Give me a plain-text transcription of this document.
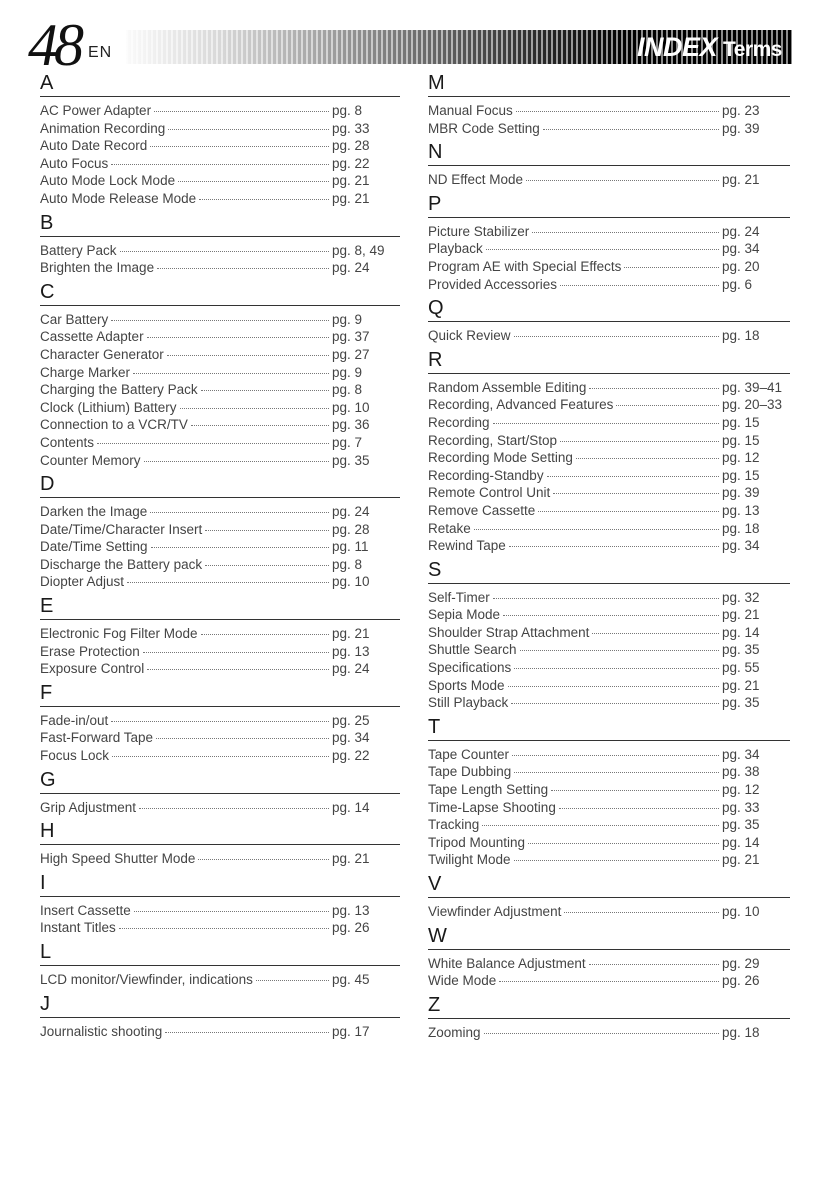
48 EN	INDEX Terms
A
AC Power Adapter	pg. 8
Animation Recording	pg. 33
Auto Date Record	pg. 28
Auto Focus	pg. 22
Auto Mode Lock Mode	pg. 21
Auto Mode Release Mode	pg. 21
B
Battery Pack	pg. 8, 49
Brighten the Image	pg. 24
C
Car Battery	pg. 9
Cassette Adapter	pg. 37
Character Generator	pg. 27
Charge Marker	pg. 9
Charging the Battery Pack	pg. 8
Clock (Lithium) Battery	pg. 10
Connection to a VCR/TV	pg. 36
Contents	pg. 7
Counter Memory	pg. 35
D
Darken the Image	pg. 24
Date/Time/Character Insert	pg. 28
Date/Time Setting	pg. 11
Discharge the Battery pack	pg. 8
Diopter Adjust	pg. 10
E
Electronic Fog Filter Mode	pg. 21
Erase Protection	pg. 13
Exposure Control	pg. 24
F
Fade-in/out	pg. 25
Fast-Forward Tape	pg. 34
Focus Lock	pg. 22
G
Grip Adjustment	pg. 14
H
High Speed Shutter Mode	pg. 21
I
Insert Cassette	pg. 13
Instant Titles	pg. 26
L
LCD monitor/Viewfinder, indications	pg. 45
J
Journalistic shooting	pg. 17
M
Manual Focus	pg. 23
MBR Code Setting	pg. 39
N
ND Effect Mode	pg. 21
P
Picture Stabilizer	pg. 24
Playback	pg. 34
Program AE with Special Effects	pg. 20
Provided Accessories	pg. 6
Q
Quick Review	pg. 18
R
Random Assemble Editing	pg. 39–41
Recording, Advanced Features	pg. 20–33
Recording	pg. 15
Recording, Start/Stop	pg. 15
Recording Mode Setting	pg. 12
Recording-Standby	pg. 15
Remote Control Unit	pg. 39
Remove Cassette	pg. 13
Retake	pg. 18
Rewind Tape	pg. 34
S
Self-Timer	pg. 32
Sepia Mode	pg. 21
Shoulder Strap Attachment	pg. 14
Shuttle Search	pg. 35
Specifications	pg. 55
Sports Mode	pg. 21
Still Playback	pg. 35
T
Tape Counter	pg. 34
Tape Dubbing	pg. 38
Tape Length Setting	pg. 12
Time-Lapse Shooting	pg. 33
Tracking	pg. 35
Tripod Mounting	pg. 14
Twilight Mode	pg. 21
V
Viewfinder Adjustment	pg. 10
W
White Balance Adjustment	pg. 29
Wide Mode	pg. 26
Z
Zooming	pg. 18
